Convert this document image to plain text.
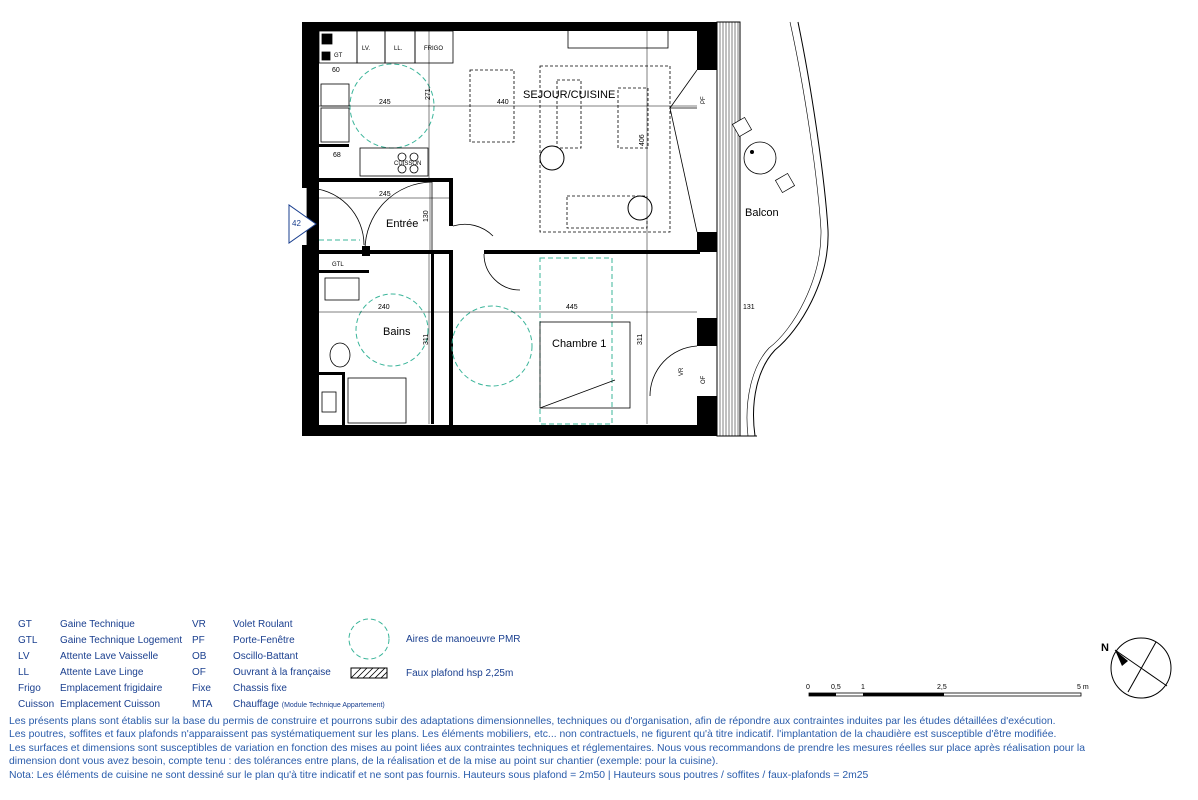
SEJOUR/CUISINE
Entrée
Bains
Chambre 1
Balcon
245
271
440
406
68
60
245
130
240
311
445
311
131
GT
LV.	LL.	FRIGO
CUISSON
GTL
PF
VR
OF
42
0	0,5	1	2,5	5 m
N
GT	Gaine Technique
GTL Gaine Technique Logement
LV	Attente Lave Vaisselle
LL	Attente Lave Linge
Frigo Emplacement frigidaire
Cuisson Emplacement Cuisson
VR	Volet Roulant
PF	Porte-Fenêtre
OB	Oscillo-Battant
OF	Ouvrant à la française
Fixe Chassis fixe
MTA Chauffage (Module Technique Appartement)
Aires de manoeuvre PMR
Faux plafond hsp 2,25m
Les présents plans sont établis sur la base du permis de construire et pourrons subir des adaptations dimensionnelles, techniques ou d'organisation, afin de répondre aux contraintes induites par les études détaillées d'exécution.
Les poutres, soffites et faux plafonds n'apparaissent pas systématiquement sur les plans. Les éléments mobiliers, etc... non contractuels, ne figurent qu'à titre indicatif. l'implantation de la chaudière est susceptible d'être modifiée.
Les surfaces et dimensions sont susceptibles de variation en fonction des mises au point liées aux contraintes techniques et réglementaires. Nous vous recommandons de prendre les mesures réelles sur place après réalisation pour la
dimension dont vous avez besoin, compte tenu : des tolérances entre plans, de la réalisation et de la mise au point sur chantier (exemple: pour la cuisine).
Nota: Les éléments de cuisine ne sont dessiné sur le plan qu'à titre indicatif et ne sont pas fournis. Hauteurs sous plafond = 2m50 | Hauteurs sous poutres / soffites / faux-plafonds = 2m25
